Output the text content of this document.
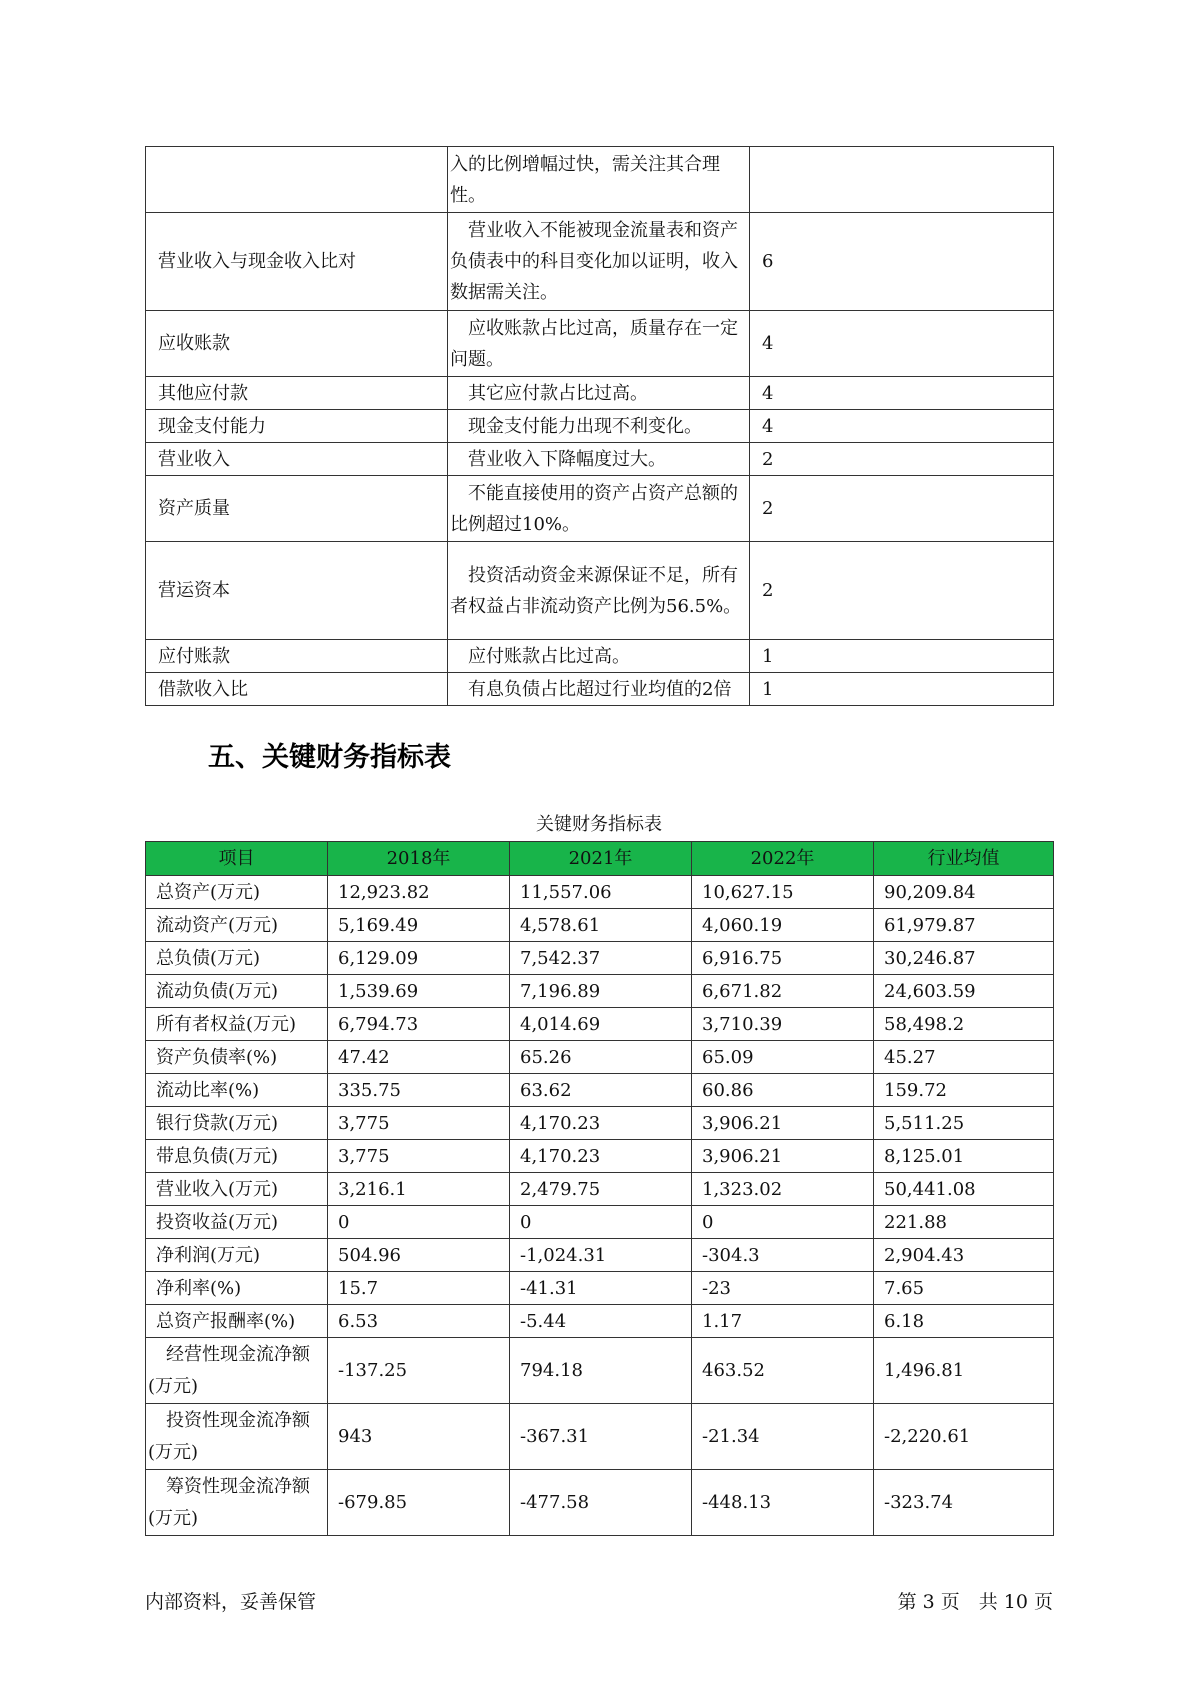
	入的比例增幅过快，需关注其合理性。	
营业收入与现金收入比对	　营业收入不能被现金流量表和资产负债表中的科目变化加以证明，收入数据需关注。	6
应收账款	　应收账款占比过高，质量存在一定问题。	4
其他应付款	　其它应付款占比过高。	4
现金支付能力	　现金支付能力出现不利变化。	4
营业收入	　营业收入下降幅度过大。	2
资产质量	　不能直接使用的资产占资产总额的比例超过10%。	2
营运资本	　投资活动资金来源保证不足，所有者权益占非流动资产比例为56.5%。	2
应付账款	　应付账款占比过高。	1
借款收入比	　有息负债占比超过行业均值的2倍	1
五、关键财务指标表
关键财务指标表
项目	2018年	2021年	2022年	行业均值
总资产(万元)	12,923.82	11,557.06	10,627.15	90,209.84
流动资产(万元)	5,169.49	4,578.61	4,060.19	61,979.87
总负债(万元)	6,129.09	7,542.37	6,916.75	30,246.87
流动负债(万元)	1,539.69	7,196.89	6,671.82	24,603.59
所有者权益(万元)	6,794.73	4,014.69	3,710.39	58,498.2
资产负债率(%)	47.42	65.26	65.09	45.27
流动比率(%)	335.75	63.62	60.86	159.72
银行贷款(万元)	3,775	4,170.23	3,906.21	5,511.25
带息负债(万元)	3,775	4,170.23	3,906.21	8,125.01
营业收入(万元)	3,216.1	2,479.75	1,323.02	50,441.08
投资收益(万元)	0	0	0	221.88
净利润(万元)	504.96	-1,024.31	-304.3	2,904.43
净利率(%)	15.7	-41.31	-23	7.65
总资产报酬率(%)	6.53	-5.44	1.17	6.18
　经营性现金流净额(万元)	-137.25	794.18	463.52	1,496.81
　投资性现金流净额(万元)	943	-367.31	-21.34	-2,220.61
　筹资性现金流净额(万元)	-679.85	-477.58	-448.13	-323.74
内部资料，妥善保管	第 3 页　共 10 页
